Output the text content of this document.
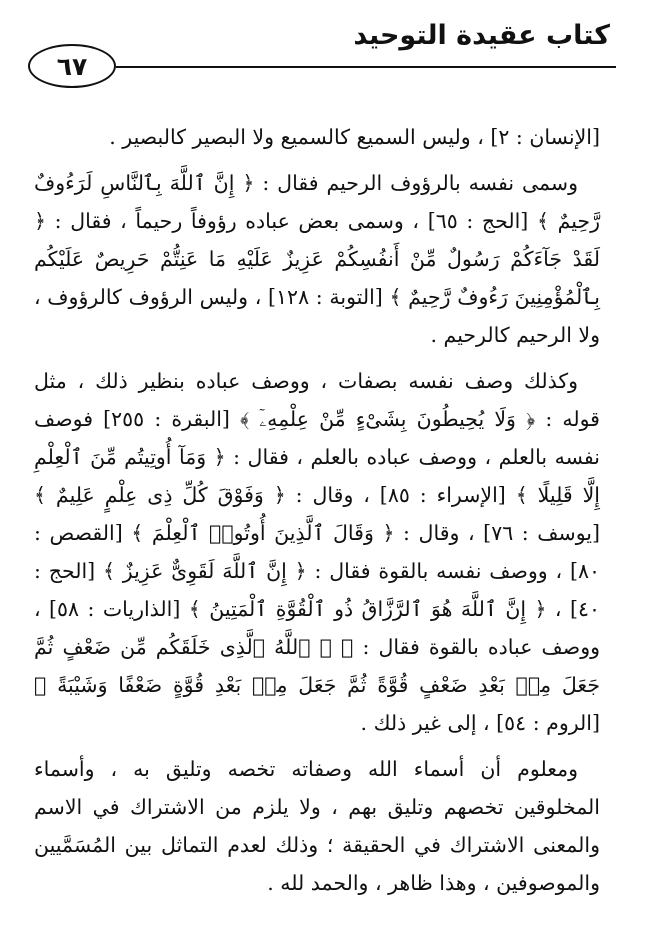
كتاب عقيدة التوحيد
٦٧

[الإنسان : ٢] ، وليس السميع كالسميع ولا البصير كالبصير .

وسمى نفسه بالرؤوف الرحيم فقال : ﴿ إِنَّ ٱللَّهَ بِٱلنَّاسِ لَرَءُوفٌ رَّحِيمٌ ﴾ [الحج : ٦٥] ، وسمى بعض عباده رؤوفاً رحيماً ، فقال : ﴿ لَقَدْ جَآءَكُمْ رَسُولٌ مِّنْ أَنفُسِكُمْ عَزِيزٌ عَلَيْهِ مَا عَنِتُّمْ حَرِيصٌ عَلَيْكُم بِٱلْمُؤْمِنِينَ رَءُوفٌ رَّحِيمٌ ﴾ [التوبة : ١٢٨] ، وليس الرؤوف كالرؤوف ، ولا الرحيم كالرحيم .

وكذلك وصف نفسه بصفات ، ووصف عباده بنظير ذلك ، مثل قوله : ﴿ وَلَا يُحِيطُونَ بِشَىْءٍ مِّنْ عِلْمِهِۦٓ ﴾ [البقرة : ٢٥٥] فوصف نفسه بالعلم ، ووصف عباده بالعلم ، فقال : ﴿ وَمَآ أُوتِيتُم مِّنَ ٱلْعِلْمِ إِلَّا قَلِيلًا ﴾ [الإسراء : ٨٥] ، وقال : ﴿ وَفَوْقَ كُلِّ ذِى عِلْمٍ عَلِيمٌ ﴾ [يوسف : ٧٦] ، وقال : ﴿ وَقَالَ ٱلَّذِينَ أُوتُوا۟ ٱلْعِلْمَ ﴾ [القصص : ٨٠] ، ووصف نفسه بالقوة فقال : ﴿ إِنَّ ٱللَّهَ لَقَوِىٌّ عَزِيزٌ ﴾ [الحج : ٤٠] ، ﴿ إِنَّ ٱللَّهَ هُوَ ٱلرَّزَّاقُ ذُو ٱلْقُوَّةِ ٱلْمَتِينُ ﴾ [الذاريات : ٥٨] ، ووصف عباده بالقوة فقال : ﴿ ۞ ٱللَّهُ ٱلَّذِى خَلَقَكُم مِّن ضَعْفٍ ثُمَّ جَعَلَ مِنۢ بَعْدِ ضَعْفٍ قُوَّةً ثُمَّ جَعَلَ مِنۢ بَعْدِ قُوَّةٍ ضَعْفًا وَشَيْبَةً ﴾ [الروم : ٥٤] ، إلى غير ذلك .

ومعلوم أن أسماء الله وصفاته تخصه وتليق به ، وأسماء المخلوقين تخصهم وتليق بهم ، ولا يلزم من الاشتراك في الاسم والمعنى الاشتراك في الحقيقة ؛ وذلك لعدم التماثل بين المُسَمَّيين والموصوفين ، وهذا ظاهر ، والحمد لله .
